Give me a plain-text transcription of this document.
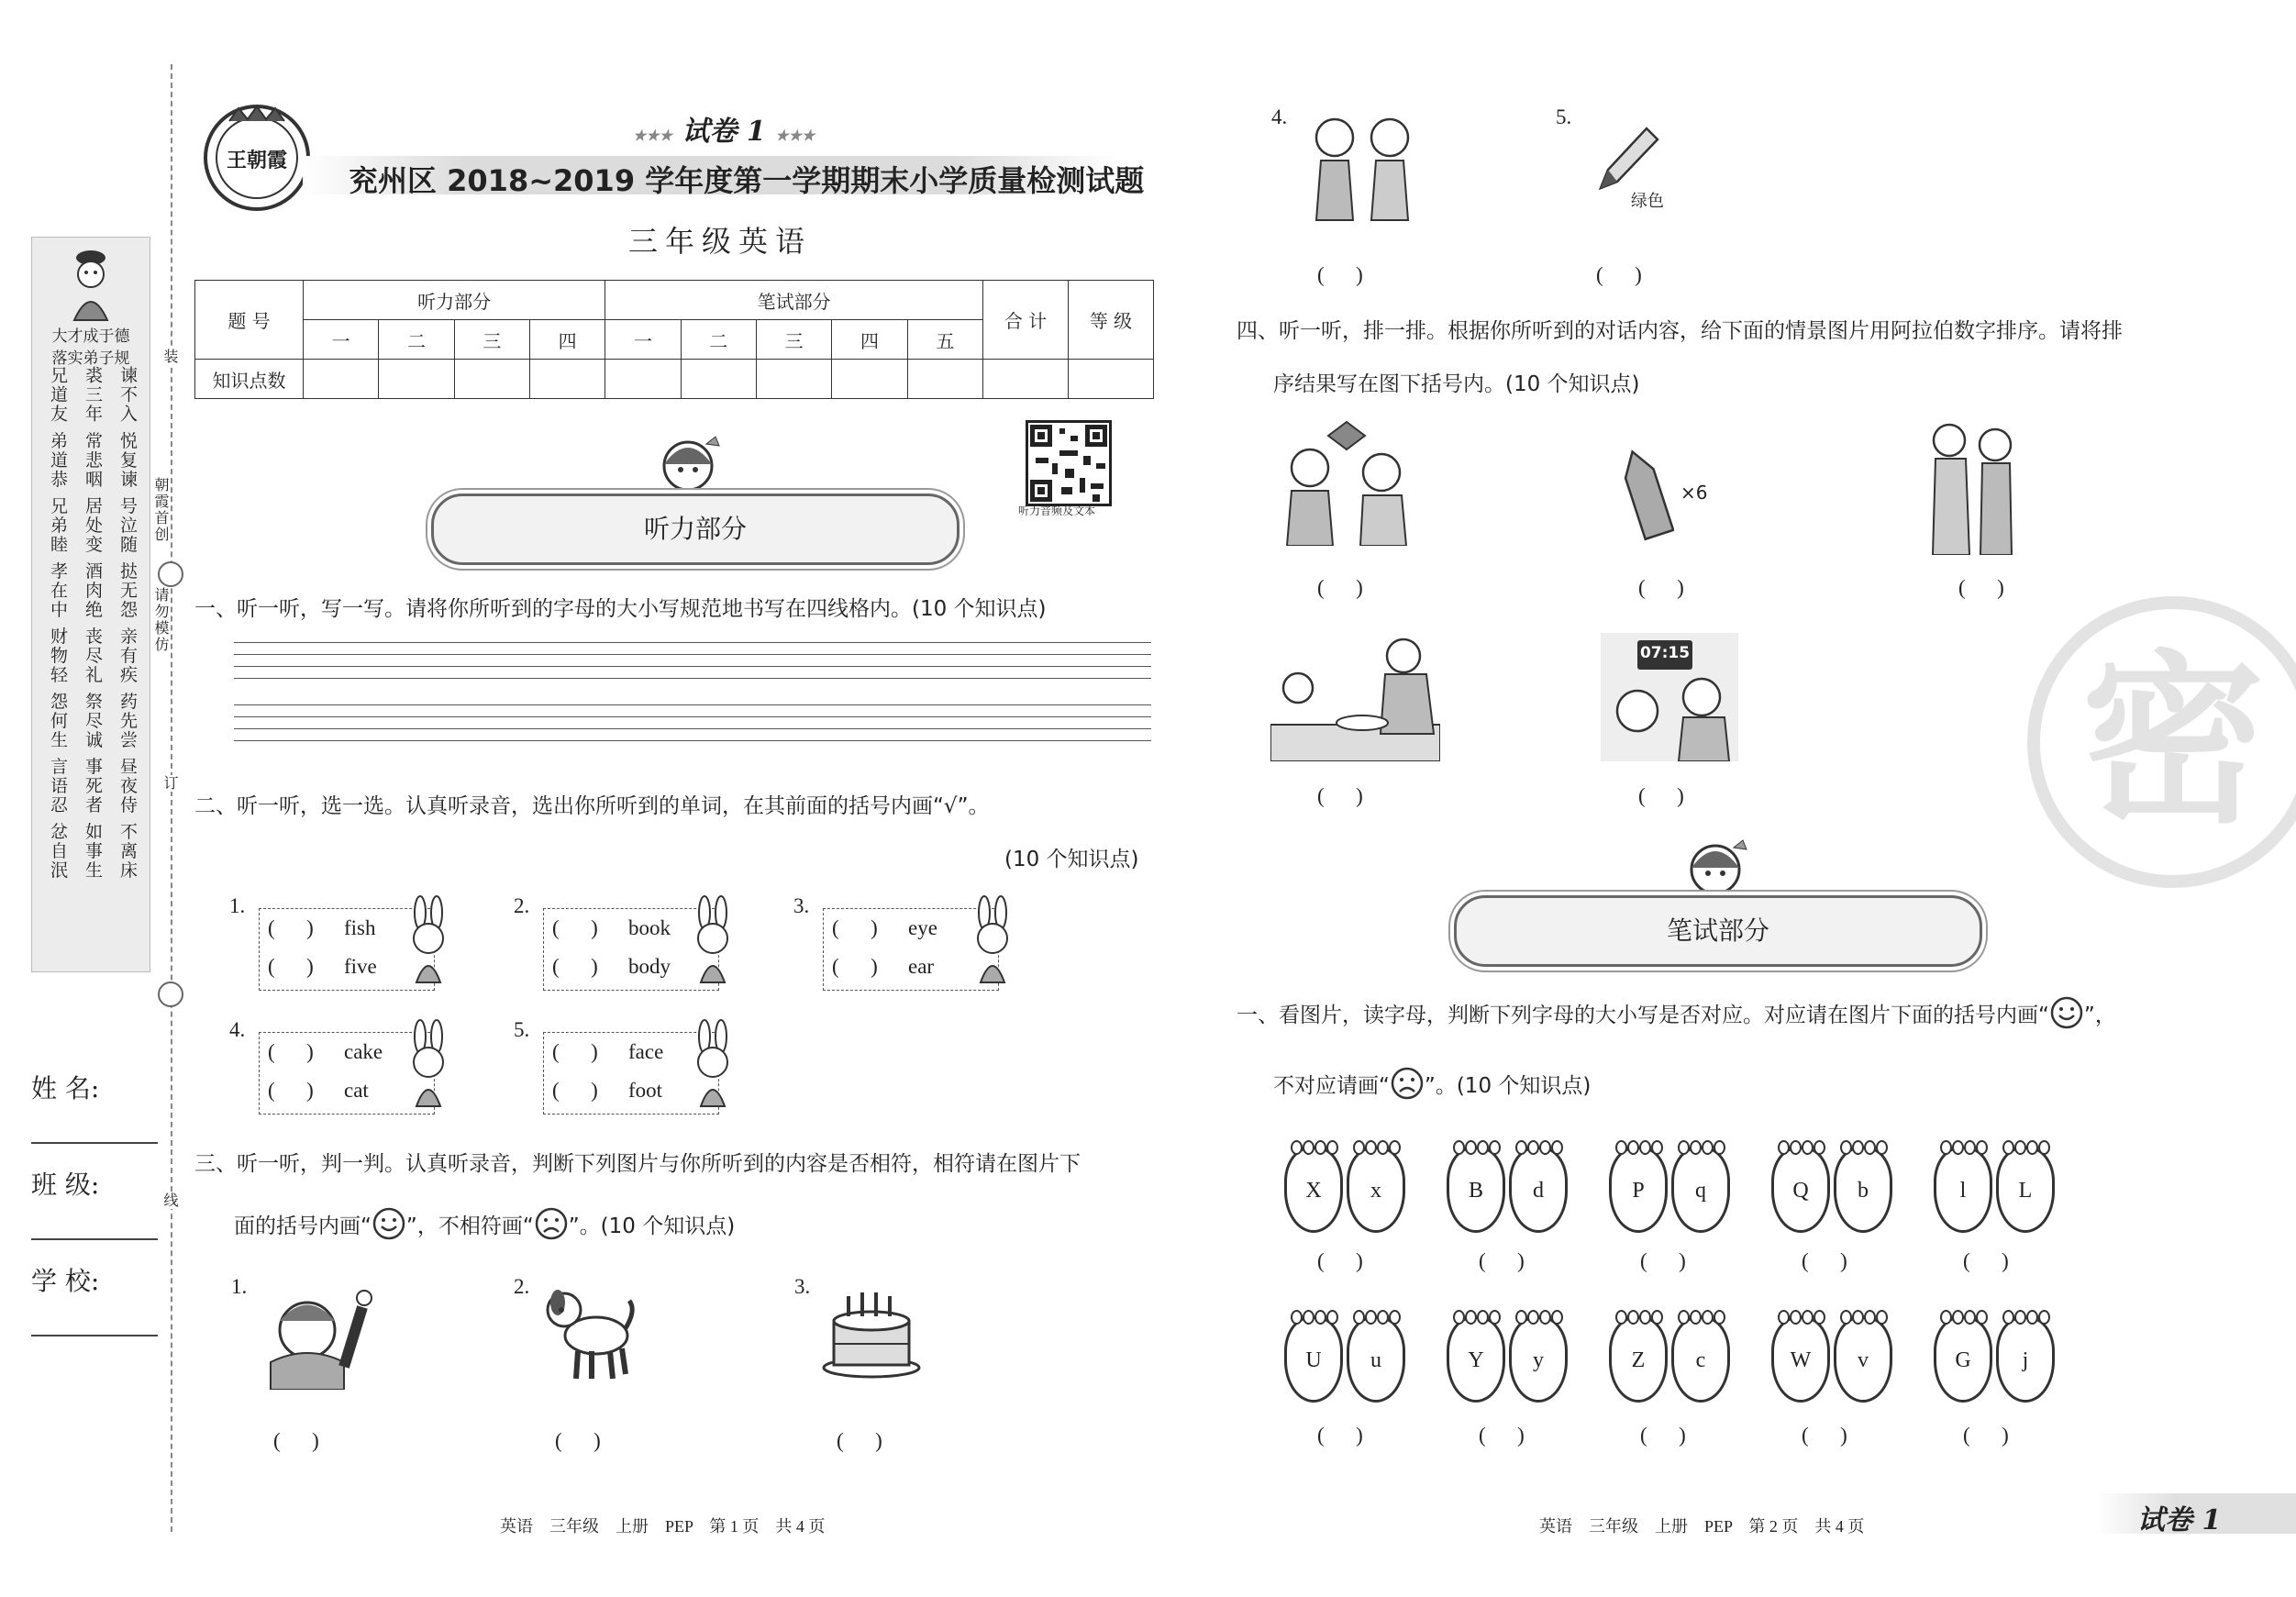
大才成于德
落实弟子规
兄道友 弟道恭 兄弟睦 孝在中 财物轻 怨何生 言语忍 忿自泯 裘三年 常悲咽 居处变 酒肉绝 丧尽礼 祭尽诚 事死者 如事生 谏不入 悦复谏 号泣随 挞无怨 亲有疾 药先尝 昼夜侍 不离床
姓 名:
班 级:
学 校:
装
朝霞首创
请勿模仿
订
线
王朝霞
★★★ 试卷 1 ★★★
兖州区 2018~2019 学年度第一学期期末小学质量检测试题
三年级英语
题 号	听力部分				笔试部分					合 计	等 级
	一	二	三	四	一	二	三	四	五		
知识点数											
听力音频及文本
听力部分
一、听一听，写一写。请将你所听到的字母的大小写规范地书写在四线格内。(10 个知识点)
二、听一听，选一选。认真听录音，选出你所听到的单词，在其前面的括号内画“√”。
(10 个知识点)
1.
(      ) fish
(      ) five
2.
(      ) book
(      ) body
3.
(      ) eye
(      ) ear
4.
(      ) cake
(      ) cat
5.
(      ) face
(      ) foot
三、听一听，判一判。认真听录音，判断下列图片与你所听到的内容是否相符，相符请在图片下
面的括号内画“ ”，不相符画“ ”。(10 个知识点)
1.
(      )
2.
(      )
3.
(      )
4.
(      )
5.
绿色
(      )
四、听一听，排一排。根据你所听到的对话内容，给下面的情景图片用阿拉伯数字排序。请将排
序结果写在图下括号内。(10 个知识点)
(      )
×6
(      )	(      )
(      )
07:15
(      ) 密
笔试部分
一、看图片，读字母，判断下列字母的大小写是否对应。对应请在图片下面的括号内画“ ”，
不对应请画“ ”。(10 个知识点)
X	x	B	d	P	q	Q	b	l	L
(      )	(      )	(      )	(      )	(      )
U	u	Y	y	Z	c	W	v	G	j
(      )	(      )	(      )	(      )	(      )
英语    三年级    上册    PEP    第 1 页    共 4 页	英语    三年级    上册    PEP    第 2 页    共 4 页	试卷 1
